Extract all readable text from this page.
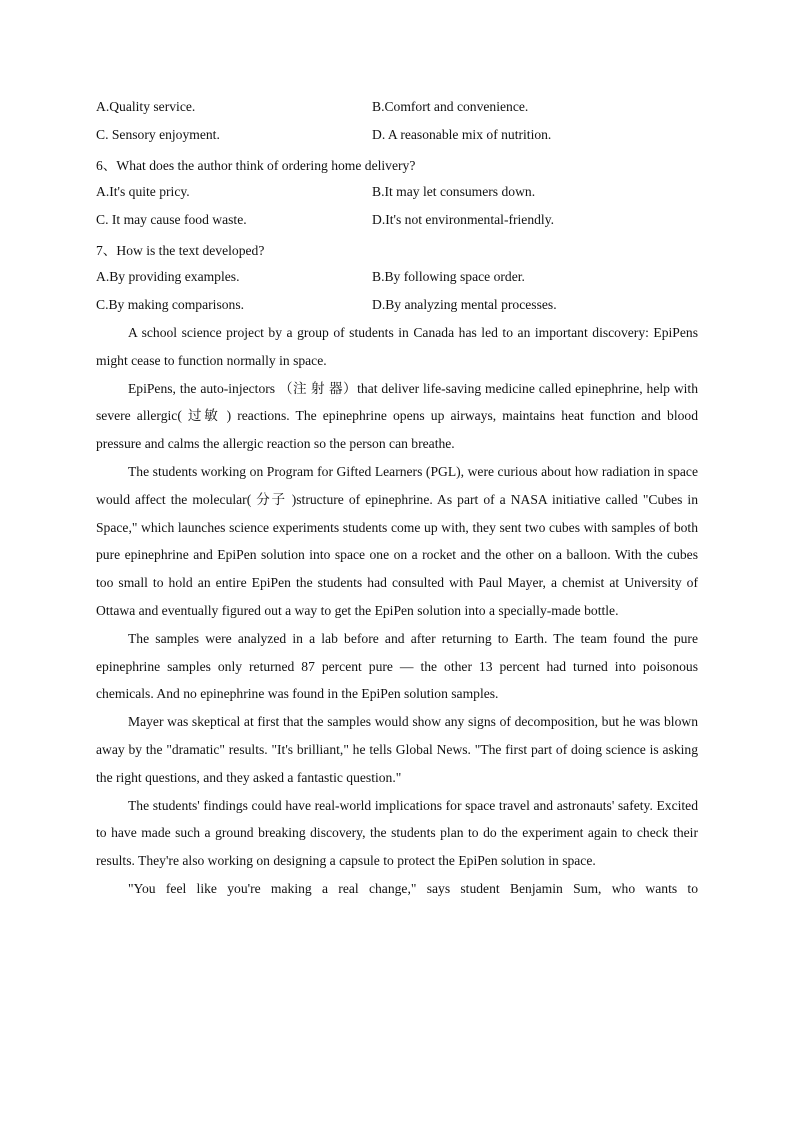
A.Quality service.	B.Comfort and convenience.
C. Sensory enjoyment.	D. A reasonable mix of nutrition.
6、What does the author think of ordering home delivery?
A.It's quite pricy.	B.It may let consumers down.
C. It may cause food waste.	D.It's not environmental-friendly.
7、How is the text developed?
A.By providing examples.	B.By following space order.
C.By making comparisons.	D.By analyzing mental processes.

A school science project by a group of students in Canada has led to an important discovery: EpiPens might cease to function normally in space.

EpiPens, the auto-injectors （注 射 器）that deliver life-saving medicine called epinephrine, help with severe allergic( 过敏 ) reactions. The epinephrine opens up airways, maintains heat function and blood pressure and calms the allergic reaction so the person can breathe.

The students working on Program for Gifted Learners (PGL), were curious about how radiation in space would affect the molecular( 分子 )structure of epinephrine. As part of a NASA initiative called "Cubes in Space," which launches science experiments students come up with, they sent two cubes with samples of both pure epinephrine and EpiPen solution into space one on a rocket and the other on a balloon. With the cubes too small to hold an entire EpiPen the students had consulted with Paul Mayer, a chemist at University of Ottawa and eventually figured out a way to get the EpiPen solution into a specially-made bottle.

The samples were analyzed in a lab before and after returning to Earth. The team found the pure epinephrine samples only returned 87 percent pure — the other 13 percent had turned into poisonous chemicals. And no epinephrine was found in the EpiPen solution samples.

Mayer was skeptical at first that the samples would show any signs of decomposition, but he was blown away by the "dramatic" results. "It's brilliant," he tells Global News. "The first part of doing science is asking the right questions, and they asked a fantastic question."

The students' findings could have real-world implications for space travel and astronauts' safety. Excited to have made such a ground breaking discovery, the students plan to do the experiment again to check their results. They're also working on designing a capsule to protect the EpiPen solution in space.

"You feel like you're making a real change," says student Benjamin Sum, who wants to
